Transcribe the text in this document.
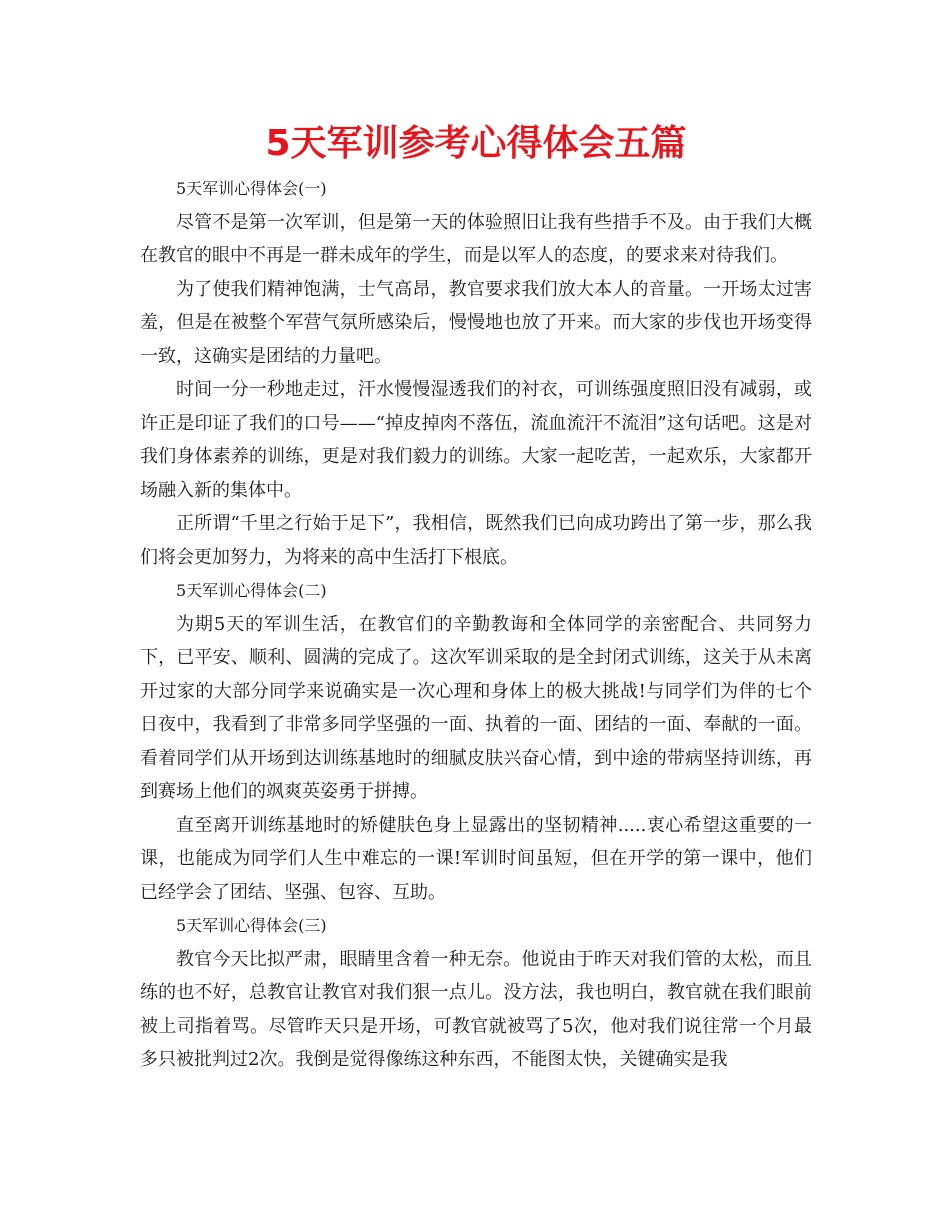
5天军训参考心得体会五篇

5天军训心得体会(一)

尽管不是第一次军训，但是第一天的体验照旧让我有些措手不及。由于我们大概在教官的眼中不再是一群未成年的学生，而是以军人的态度，的要求来对待我们。

为了使我们精神饱满，士气高昂，教官要求我们放大本人的音量。一开场太过害羞，但是在被整个军营气氛所感染后，慢慢地也放了开来。而大家的步伐也开场变得一致，这确实是团结的力量吧。

时间一分一秒地走过，汗水慢慢湿透我们的衬衣，可训练强度照旧没有减弱，或许正是印证了我们的口号——“掉皮掉肉不落伍，流血流汗不流泪”这句话吧。这是对我们身体素养的训练，更是对我们毅力的训练。大家一起吃苦，一起欢乐，大家都开场融入新的集体中。

正所谓“千里之行始于足下”，我相信，既然我们已向成功跨出了第一步，那么我们将会更加努力，为将来的高中生活打下根底。

5天军训心得体会(二)

为期5天的军训生活，在教官们的辛勤教诲和全体同学的亲密配合、共同努力下，已平安、顺利、圆满的完成了。这次军训采取的是全封闭式训练，这关于从未离开过家的大部分同学来说确实是一次心理和身体上的极大挑战!与同学们为伴的七个日夜中，我看到了非常多同学坚强的一面、执着的一面、团结的一面、奉献的一面。看着同学们从开场到达训练基地时的细腻皮肤兴奋心情，到中途的带病坚持训练，再到赛场上他们的飒爽英姿勇于拼搏。

直至离开训练基地时的矫健肤色身上显露出的坚韧精神.....衷心希望这重要的一课，也能成为同学们人生中难忘的一课!军训时间虽短，但在开学的第一课中，他们已经学会了团结、坚强、包容、互助。

5天军训心得体会(三)

教官今天比拟严肃，眼睛里含着一种无奈。他说由于昨天对我们管的太松，而且练的也不好，总教官让教官对我们狠一点儿。没方法，我也明白，教官就在我们眼前被上司指着骂。尽管昨天只是开场，可教官就被骂了5次，他对我们说往常一个月最多只被批判过2次。我倒是觉得像练这种东西，不能图太快，关键确实是我
